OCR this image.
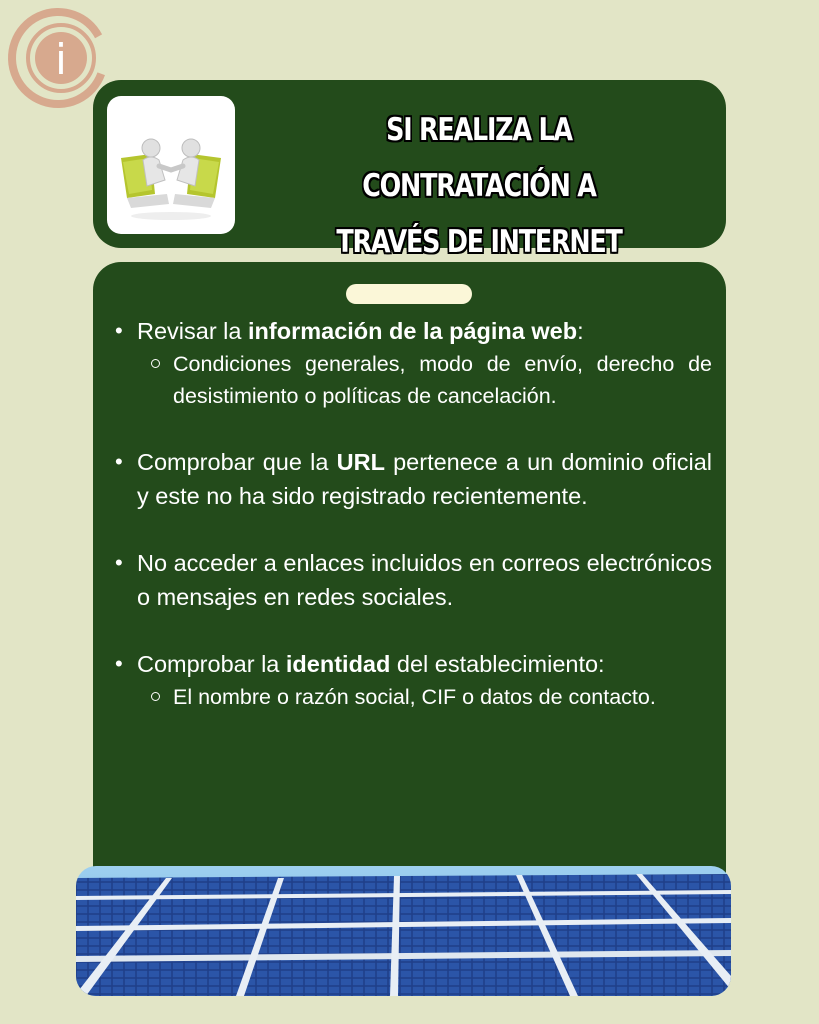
i
SI REALIZA LA CONTRATACIÓN A
TRAVÉS DE INTERNET
• Revisar la información de la página web:
Condiciones generales, modo de envío, derecho de desistimiento o políticas de cancelación.
• Comprobar que la URL pertenece a un dominio oficial y este no ha sido registrado recientemente.
• No acceder a enlaces incluidos en correos electrónicos o mensajes en redes sociales.
• Comprobar la identidad del establecimiento:
El nombre o razón social, CIF o datos de contacto.
